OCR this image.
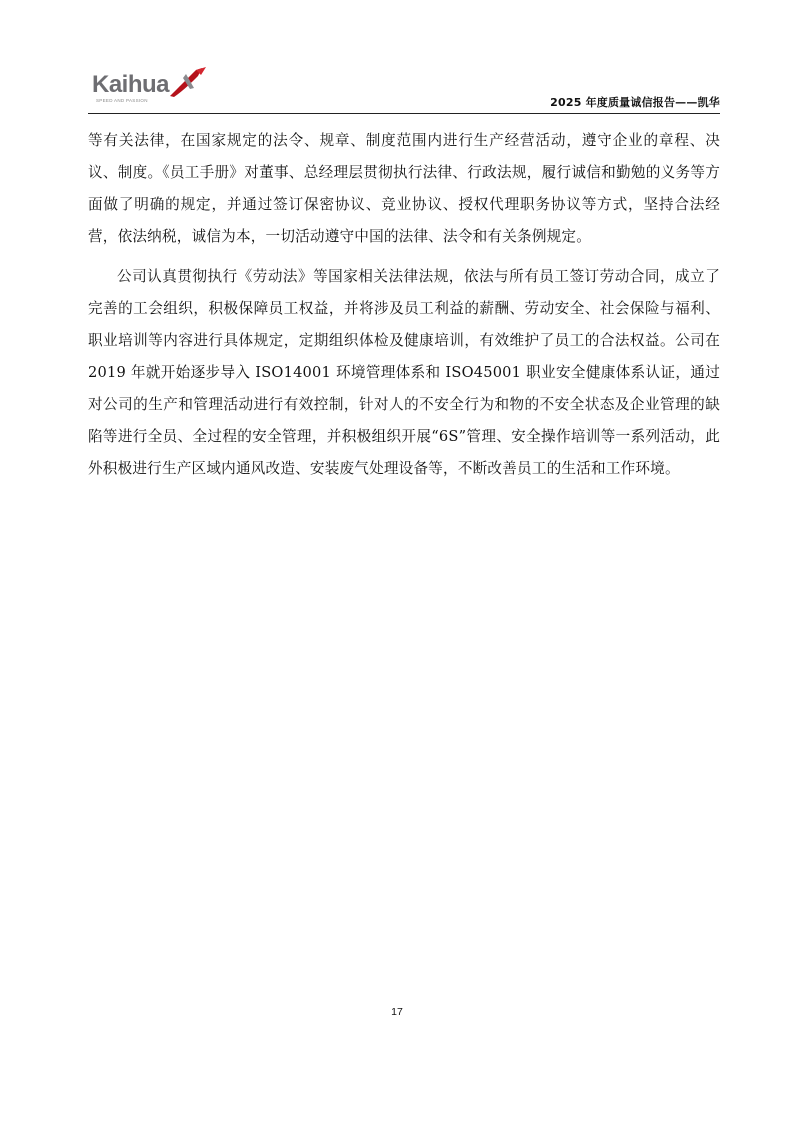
Kaihua
SPEED AND PASSION	2025 年度质量诚信报告——凯华

等有关法律，在国家规定的法令、规章、制度范围内进行生产经营活动，遵守企业的章程、决议、制度。《员工手册》对董事、总经理层贯彻执行法律、行政法规，履行诚信和勤勉的义务等方面做了明确的规定，并通过签订保密协议、竞业协议、授权代理职务协议等方式，坚持合法经营，依法纳税，诚信为本，一切活动遵守中国的法律、法令和有关条例规定。

公司认真贯彻执行《劳动法》等国家相关法律法规，依法与所有员工签订劳动合同，成立了完善的工会组织，积极保障员工权益，并将涉及员工利益的薪酬、劳动安全、社会保险与福利、职业培训等内容进行具体规定，定期组织体检及健康培训，有效维护了员工的合法权益。公司在 2019 年就开始逐步导入 ISO14001 环境管理体系和 ISO45001 职业安全健康体系认证，通过对公司的生产和管理活动进行有效控制，针对人的不安全行为和物的不安全状态及企业管理的缺陷等进行全员、全过程的安全管理，并积极组织开展“6S”管理、安全操作培训等一系列活动，此外积极进行生产区域内通风改造、安装废气处理设备等，不断改善员工的生活和工作环境。

17
